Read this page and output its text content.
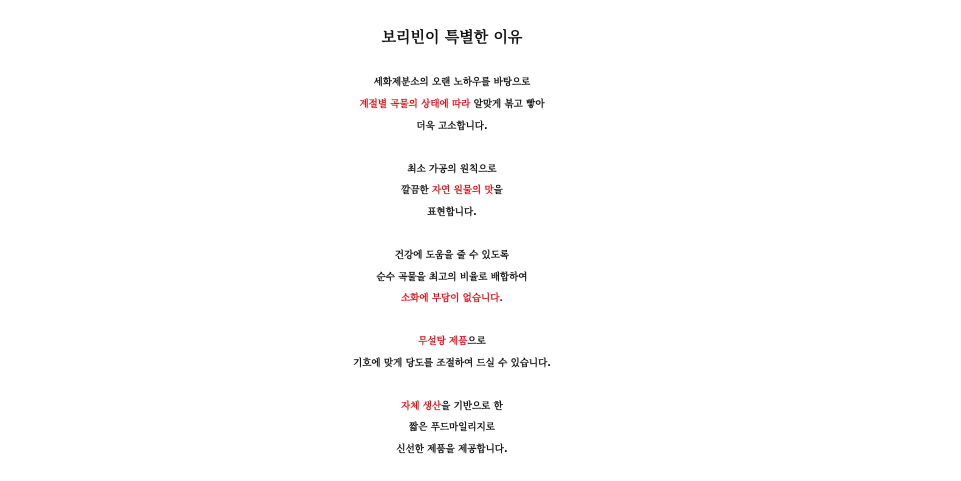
보리빈이 특별한 이유
세화제분소의 오랜 노하우를 바탕으로
계절별 곡물의 상태에 따라 알맞게 볶고 빻아
더욱 고소합니다.
최소 가공의 원칙으로
깔끔한 자연 원물의 맛을
표현합니다.
건강에 도움을 줄 수 있도록
순수 곡물을 최고의 비율로 배합하여
소화에 부담이 없습니다.
무설탕 제품으로
기호에 맞게 당도를 조절하여 드실 수 있습니다.
자체 생산을 기반으로 한
짧은 푸드마일리지로
신선한 제품을 제공합니다.
